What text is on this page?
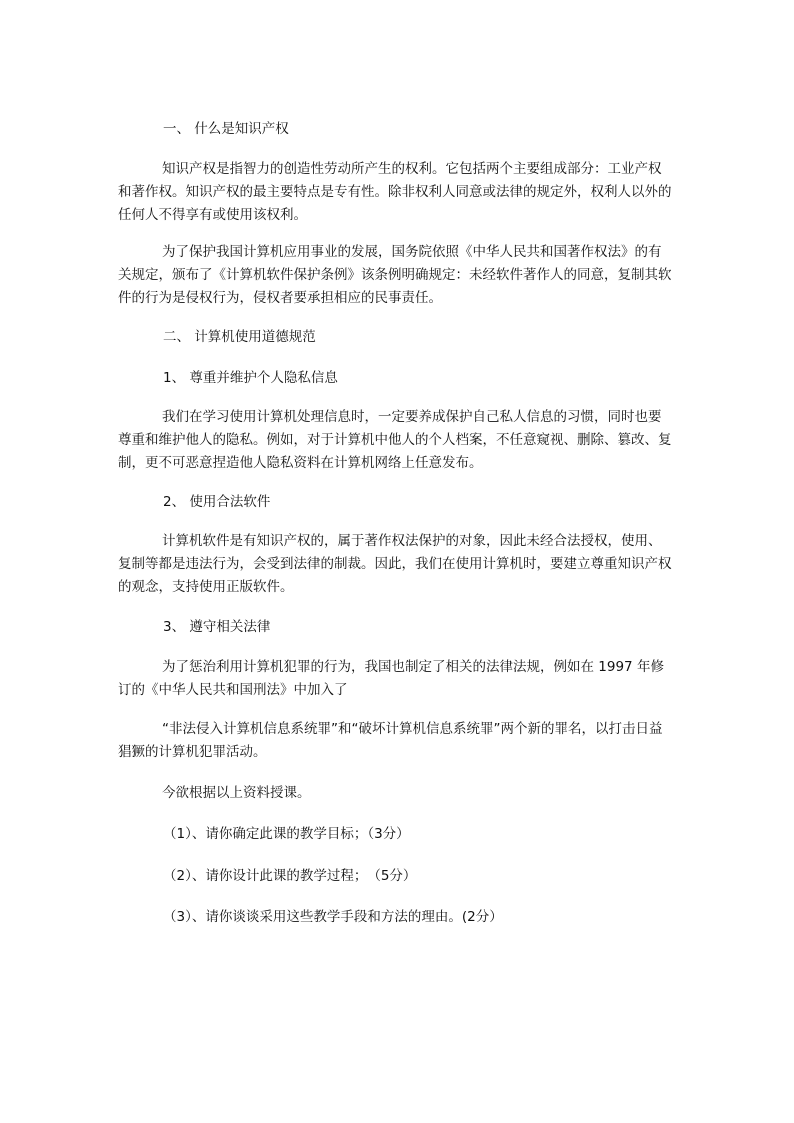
一、 什么是知识产权

知识产权是指智力的创造性劳动所产生的权利。它包括两个主要组成部分：工业产权和著作权。知识产权的最主要特点是专有性。除非权利人同意或法律的规定外，权利人以外的任何人不得享有或使用该权利。

为了保护我国计算机应用事业的发展，国务院依照《中华人民共和国著作权法》的有关规定，颁布了《计算机软件保护条例》该条例明确规定：未经软件著作人的同意，复制其软件的行为是侵权行为，侵权者要承担相应的民事责任。

二、 计算机使用道德规范

1、 尊重并维护个人隐私信息

我们在学习使用计算机处理信息时，一定要养成保护自己私人信息的习惯，同时也要尊重和维护他人的隐私。例如，对于计算机中他人的个人档案，不任意窥视、删除、篡改、复制，更不可恶意捏造他人隐私资料在计算机网络上任意发布。

2、 使用合法软件

计算机软件是有知识产权的，属于著作权法保护的对象，因此未经合法授权，使用、复制等都是违法行为，会受到法律的制裁。因此，我们在使用计算机时，要建立尊重知识产权的观念，支持使用正版软件。

3、 遵守相关法律

为了惩治利用计算机犯罪的行为，我国也制定了相关的法律法规，例如在 1997 年修订的《中华人民共和国刑法》中加入了

“非法侵入计算机信息系统罪”和“破坏计算机信息系统罪”两个新的罪名，以打击日益猖獗的计算机犯罪活动。

今欲根据以上资料授课。

（1）、请你确定此课的教学目标；（3分）

（2）、请你设计此课的教学过程；　（5分）

（3）、请你谈谈采用这些教学手段和方法的理由。(2分）
